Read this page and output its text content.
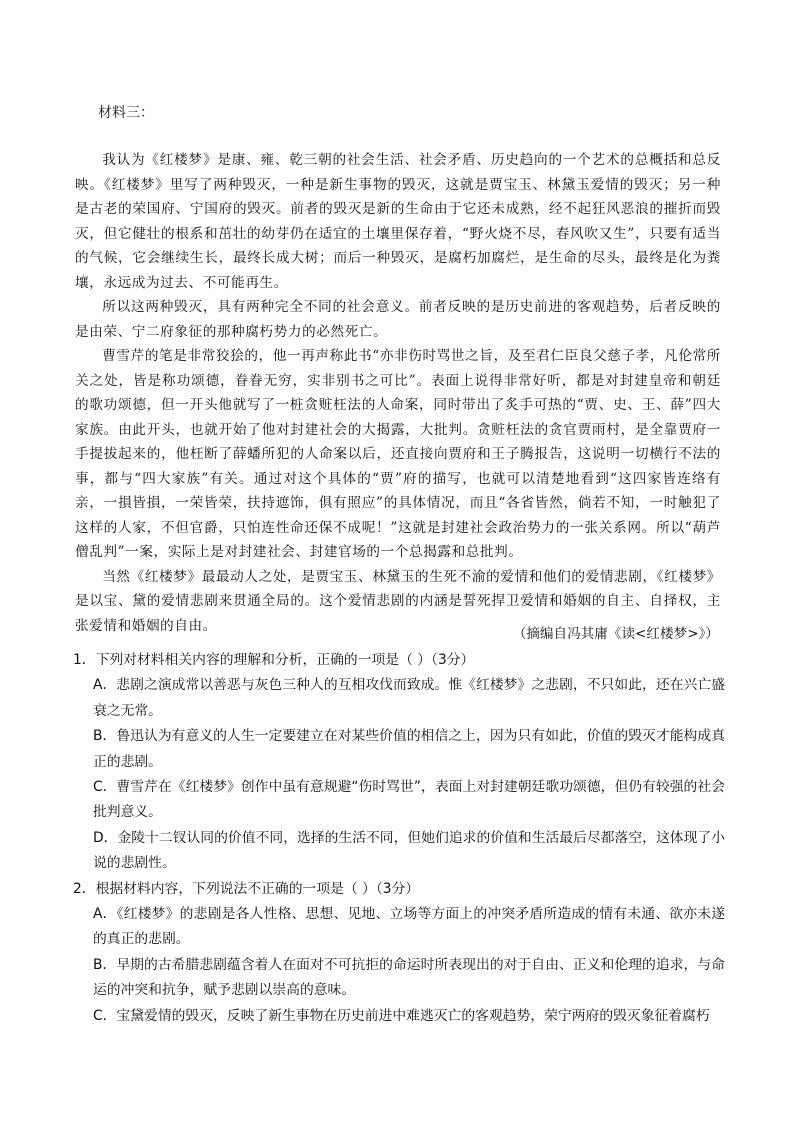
材料三：

我认为《红楼梦》是康、雍、乾三朝的社会生活、社会矛盾、历史趋向的一个艺术的总概括和总反映。《红楼梦》里写了两种毁灭，一种是新生事物的毁灭，这就是贾宝玉、林黛玉爱情的毁灭；另一种是古老的荣国府、宁国府的毁灭。前者的毁灭是新的生命由于它还未成熟，经不起狂风恶浪的摧折而毁灭，但它健壮的根系和茁壮的幼芽仍在适宜的土壤里保存着，“野火烧不尽，春风吹又生”，只要有适当的气候，它会继续生长，最终长成大树；而后一种毁灭，是腐朽加腐烂，是生命的尽头，最终是化为粪壤，永远成为过去、不可能再生。

所以这两种毁灭，具有两种完全不同的社会意义。前者反映的是历史前进的客观趋势，后者反映的是由荣、宁二府象征的那种腐朽势力的必然死亡。

曹雪芹的笔是非常狡狯的，他一再声称此书“亦非伤时骂世之旨，及至君仁臣良父慈子孝，凡伦常所关之处，皆是称功颂德，眷眷无穷，实非别书之可比”。表面上说得非常好听，都是对封建皇帝和朝廷的歌功颂德，但一开头他就写了一桩贪赃枉法的人命案，同时带出了炙手可热的“贾、史、王、薛”四大家族。由此开头，也就开始了他对封建社会的大揭露，大批判。贪赃枉法的贪官贾雨村，是全靠贾府一手提拔起来的，他枉断了薛蟠所犯的人命案以后，还直接向贾府和王子腾报告，这说明一切横行不法的事，都与“四大家族”有关。通过对这个具体的“贾”府的描写，也就可以清楚地看到“这四家皆连络有亲，一損皆損，一荣皆荣，扶持遮饰，俱有照应”的具体情况，而且“各省皆然，倘若不知，一时触犯了这样的人家，不但官爵，只怕连性命还保不成呢！”这就是封建社会政治势力的一张关系网。所以“葫芦僧乱判”一案，实际上是对封建社会、封建官场的一个总揭露和总批判。

当然《红楼梦》最最动人之处，是贾宝玉、林黛玉的生死不渝的爱情和他们的爱情悲剧，《红楼梦》是以宝、黛的爱情悲剧来贯通全局的。这个爱情悲剧的内涵是誓死捍卫爱情和婚姻的自主、自择权，主张爱情和婚姻的自由。

（摘编自冯其庸《读<红楼梦>》）

1．下列对材料相关内容的理解和分析，正确的一项是（ ）（3分）

A．悲剧之演成常以善恶与灰色三种人的互相攻伐而致成。惟《红楼梦》之悲剧，不只如此，还在兴亡盛衰之无常。

B．鲁迅认为有意义的人生一定要建立在对某些价值的相信之上，因为只有如此，价值的毁灭才能构成真正的悲剧。

C．曹雪芹在《红楼梦》创作中虽有意规避“伤时骂世”，表面上对封建朝廷歌功颂德，但仍有较强的社会批判意义。

D．金陵十二钗认同的价值不同，选择的生活不同，但她们追求的价值和生活最后尽都落空，这体现了小说的悲剧性。

2．根据材料内容，下列说法不正确的一项是（ ）（3分）

A．《红楼梦》的悲剧是各人性格、思想、见地、立场等方面上的冲突矛盾所造成的情有未通、欲亦未遂的真正的悲剧。

B．早期的古希腊悲剧蕴含着人在面对不可抗拒的命运时所表现出的对于自由、正义和伦理的追求，与命运的冲突和抗争，赋予悲剧以崇高的意味。

C．宝黛爱情的毁灭，反映了新生事物在历史前进中难逃灭亡的客观趋势，荣宁两府的毁灭象征着腐朽
